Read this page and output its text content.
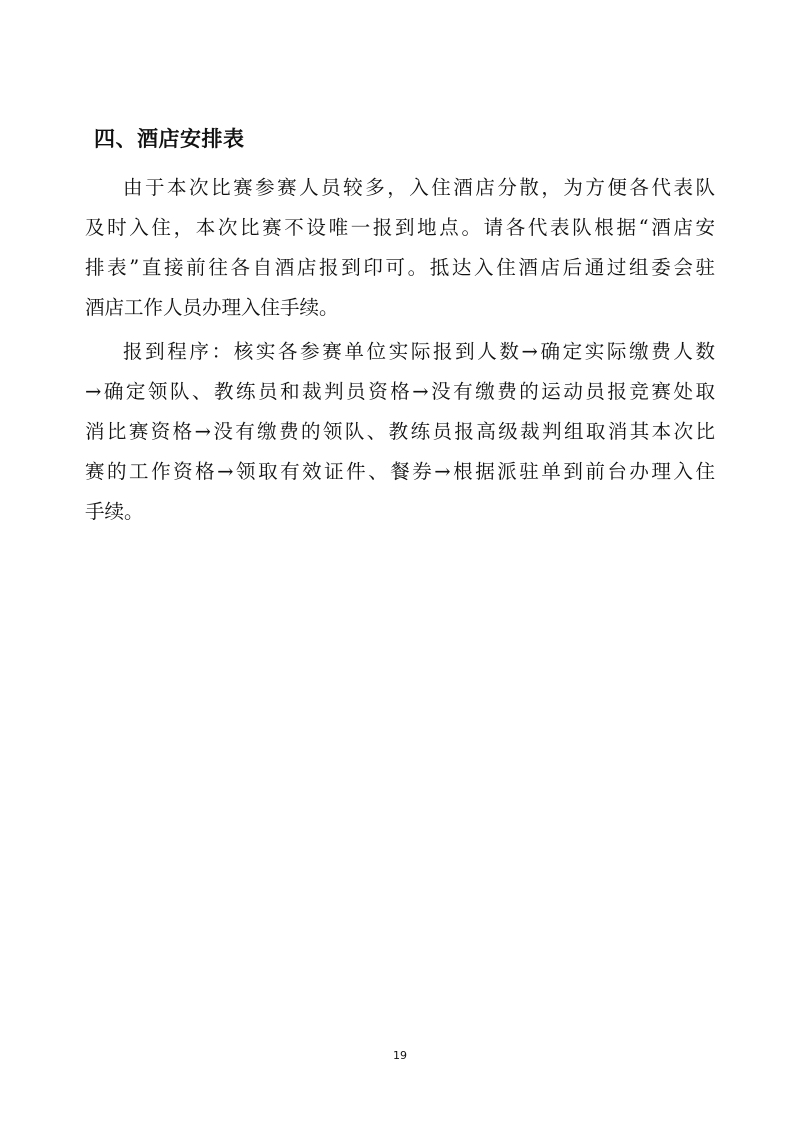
四、酒店安排表
由于本次比赛参赛人员较多，入住酒店分散，为方便各代表队
及时入住，本次比赛不设唯一报到地点。请各代表队根据“酒店安
排表”直接前往各自酒店报到印可。抵达入住酒店后通过组委会驻
酒店工作人员办理入住手续。
报到程序：核实各参赛单位实际报到人数→确定实际缴费人数
→确定领队、教练员和裁判员资格→没有缴费的运动员报竞赛处取
消比赛资格→没有缴费的领队、教练员报高级裁判组取消其本次比
赛的工作资格→领取有效证件、餐券→根据派驻单到前台办理入住
手续。
19
